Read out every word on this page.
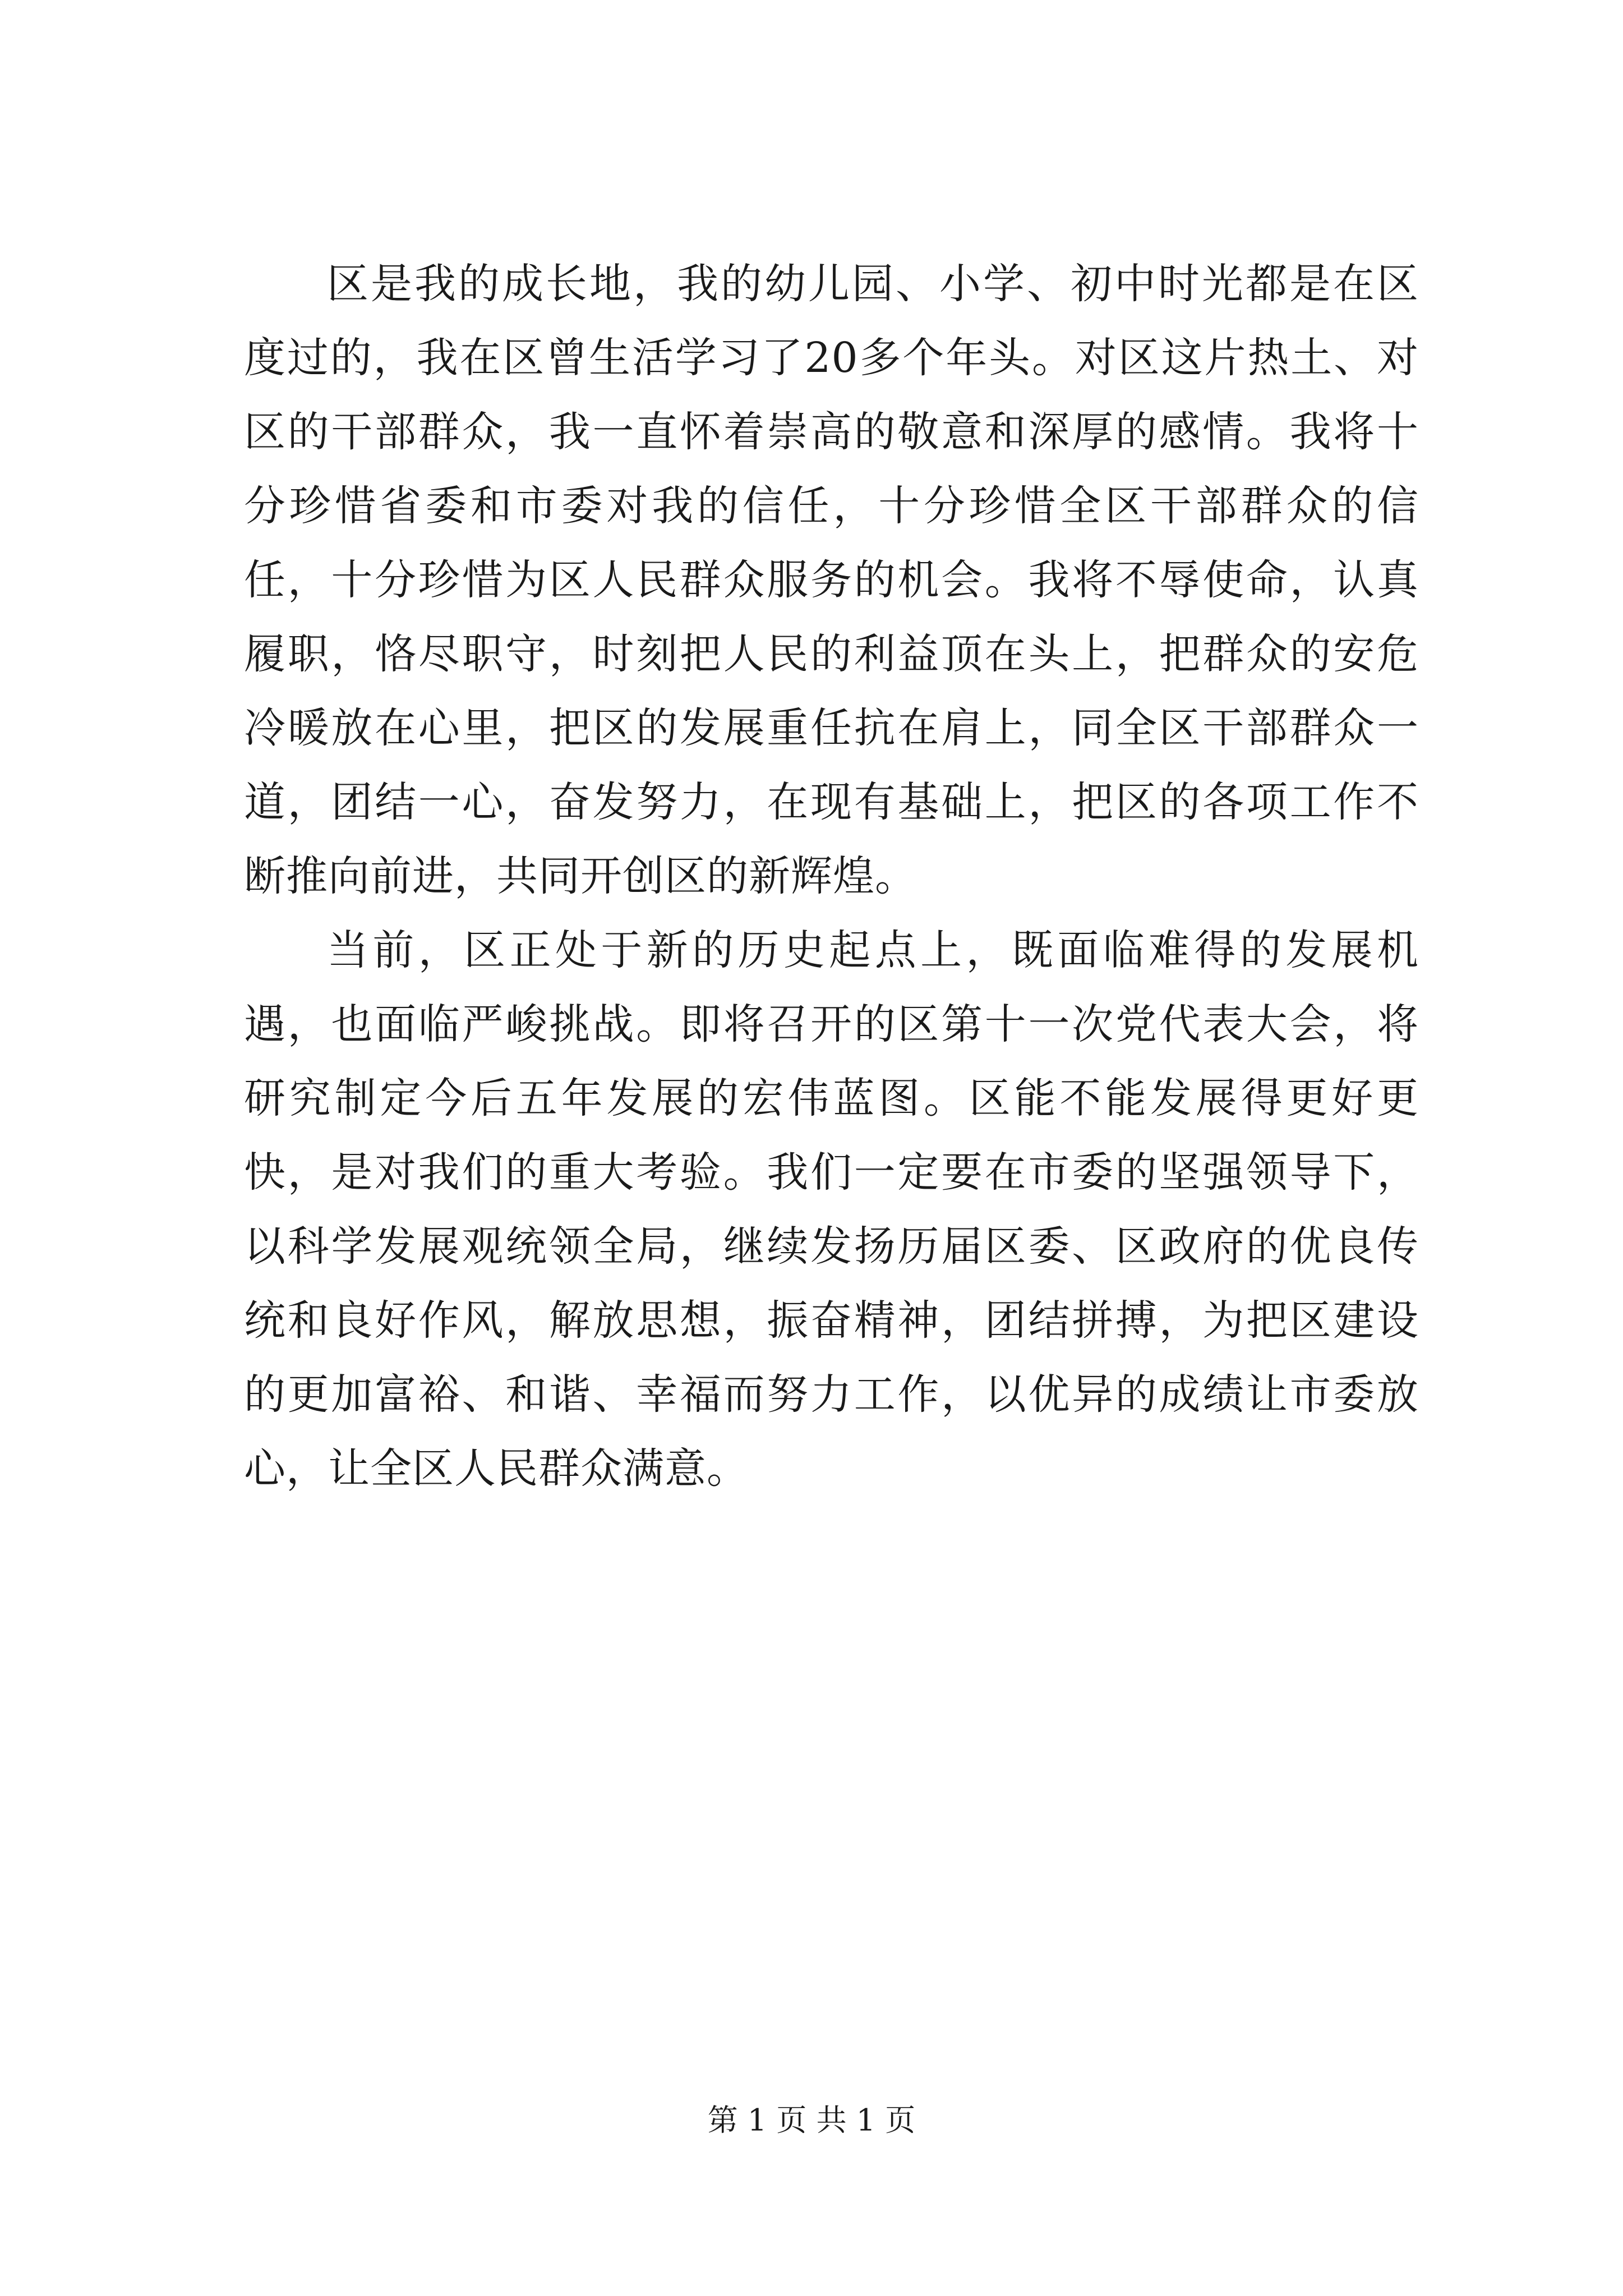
区是我的成长地，我的幼儿园、小学、初中时光都是在区度过的，我在区曾生活学习了20多个年头。对区这片热土、对区的干部群众，我一直怀着崇高的敬意和深厚的感情。我将十分珍惜省委和市委对我的信任，十分珍惜全区干部群众的信任，十分珍惜为区人民群众服务的机会。我将不辱使命，认真履职，恪尽职守，时刻把人民的利益顶在头上，把群众的安危冷暖放在心里，把区的发展重任抗在肩上，同全区干部群众一道，团结一心，奋发努力，在现有基础上，把区的各项工作不断推向前进，共同开创区的新辉煌。

当前，区正处于新的历史起点上，既面临难得的发展机遇，也面临严峻挑战。即将召开的区第十一次党代表大会，将研究制定今后五年发展的宏伟蓝图。区能不能发展得更好更快，是对我们的重大考验。我们一定要在市委的坚强领导下，以科学发展观统领全局，继续发扬历届区委、区政府的优良传统和良好作风，解放思想，振奋精神，团结拼搏，为把区建设的更加富裕、和谐、幸福而努力工作，以优异的成绩让市委放心，让全区人民群众满意。

第 1 页 共 1 页
